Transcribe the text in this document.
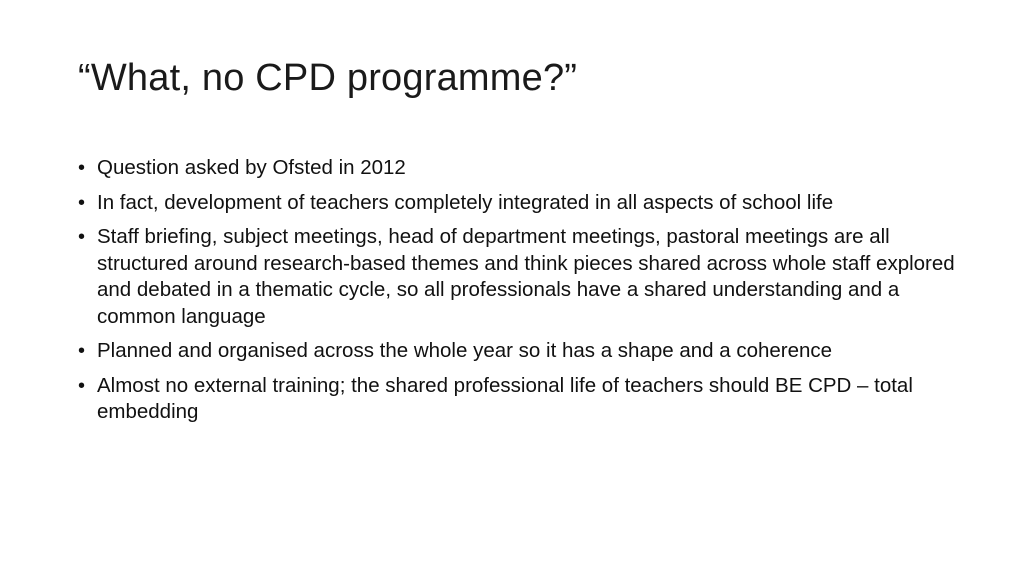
“What, no CPD programme?”
• Question asked by Ofsted in 2012
• In fact, development of teachers completely integrated in all aspects of school life
• Staff briefing, subject meetings, head of department meetings, pastoral meetings are all structured around research-based themes and think pieces shared across whole staff explored and debated in a thematic cycle, so all professionals have a shared understanding and a common language
• Planned and organised across the whole year so it has a shape and a coherence
• Almost no external training; the shared professional life of teachers should BE CPD – total embedding
